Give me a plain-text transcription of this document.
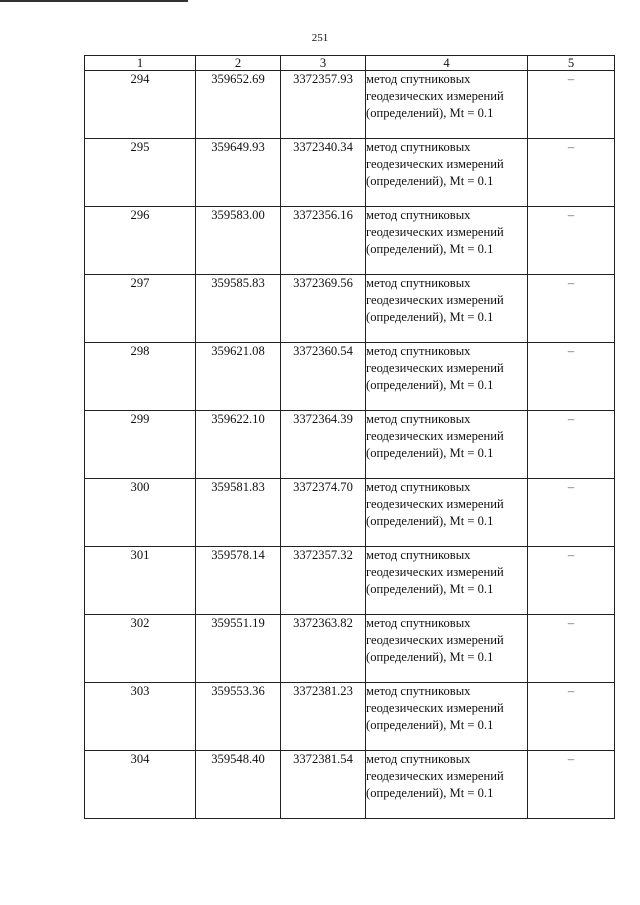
251
1	2	3	4	5
294	359652.69	3372357.93	метод спутниковых геодезических измерений (определений), Mt = 0.1	–
295	359649.93	3372340.34	метод спутниковых геодезических измерений (определений), Mt = 0.1	–
296	359583.00	3372356.16	метод спутниковых геодезических измерений (определений), Mt = 0.1	–
297	359585.83	3372369.56	метод спутниковых геодезических измерений (определений), Mt = 0.1	–
298	359621.08	3372360.54	метод спутниковых геодезических измерений (определений), Mt = 0.1	–
299	359622.10	3372364.39	метод спутниковых геодезических измерений (определений), Mt = 0.1	–
300	359581.83	3372374.70	метод спутниковых геодезических измерений (определений), Mt = 0.1	–
301	359578.14	3372357.32	метод спутниковых геодезических измерений (определений), Mt = 0.1	–
302	359551.19	3372363.82	метод спутниковых геодезических измерений (определений), Mt = 0.1	–
303	359553.36	3372381.23	метод спутниковых геодезических измерений (определений), Mt = 0.1	–
304	359548.40	3372381.54	метод спутниковых геодезических измерений (определений), Mt = 0.1	–
